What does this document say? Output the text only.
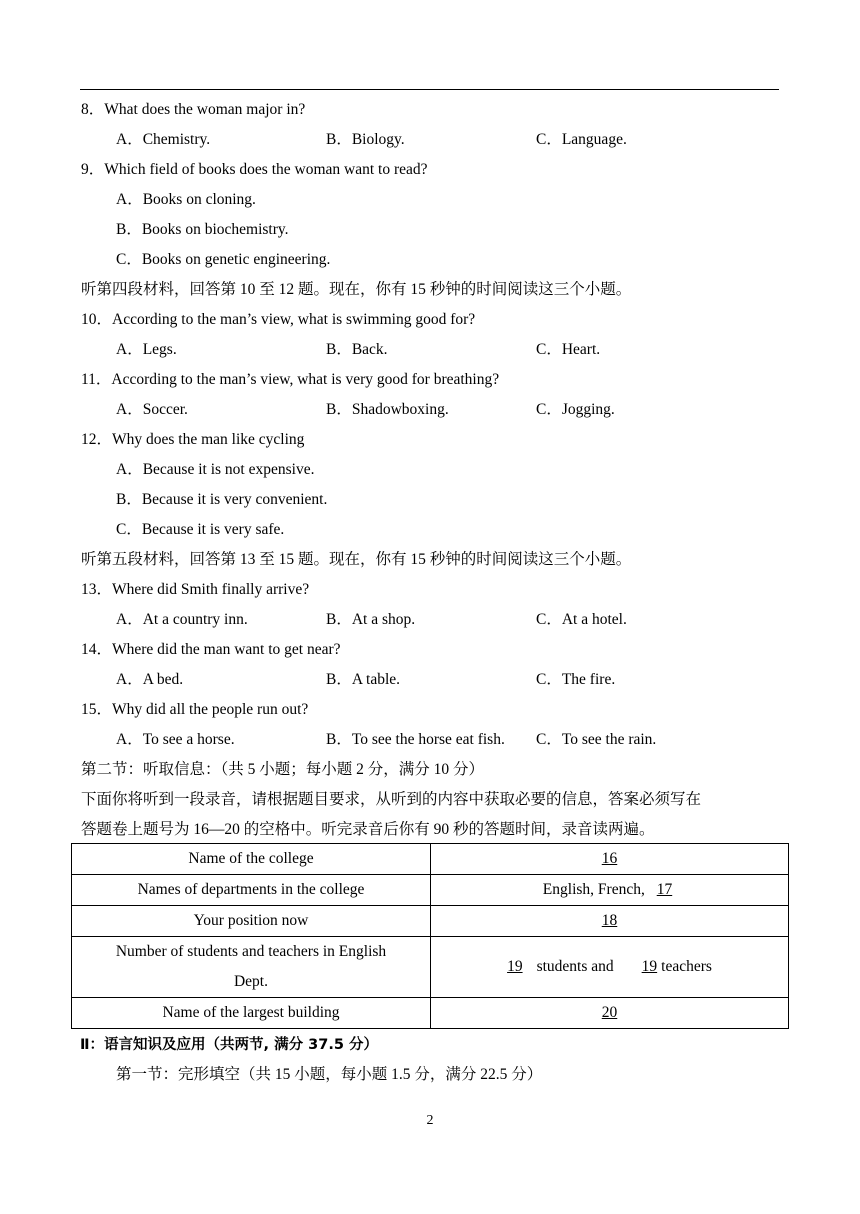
8．What does the woman major in?
A．Chemistry.	B．Biology.	C．Language.
9．Which field of books does the woman want to read?
A．Books on cloning.
B．Books on biochemistry.
C．Books on genetic engineering.
听第四段材料，回答第 10 至 12 题。现在，你有 15 秒钟的时间阅读这三个小题。
10．According to the man’s view, what is swimming good for?
A．Legs.	B．Back.	C．Heart.
11．According to the man’s view, what is very good for breathing?
A．Soccer.	B．Shadowboxing.	C．Jogging.
12．Why does the man like cycling
A．Because it is not expensive.
B．Because it is very convenient.
C．Because it is very safe.
听第五段材料，回答第 13 至 15 题。现在，你有 15 秒钟的时间阅读这三个小题。
13．Where did Smith finally arrive?
A．At a country inn.	B．At a shop.	C．At a hotel.
14．Where did the man want to get near?
A．A bed.	B．A table.	C．The fire.
15．Why did all the people run out?
A．To see a horse.	B．To see the horse eat fish. C．To see the rain.
第二节：听取信息：（共 5 小题；每小题 2 分，满分 10 分）
下面你将听到一段录音，请根据题目要求，从听到的内容中获取必要的信息，答案必须写在
答题卷上题号为 16—20 的空格中。听完录音后你有 90 秒的答题时间，录音读两遍。
Name of the college	16
Names of departments in the college	English, French, 17
Your position now	18
Number of students and teachers in English
Dept.	19 students and 19 teachers
Name of the largest building	20
Ⅱ：语言知识及应用（共两节, 满分 37.5 分）
第一节：完形填空（共 15 小题，每小题 1.5 分，满分 22.5 分）
2
